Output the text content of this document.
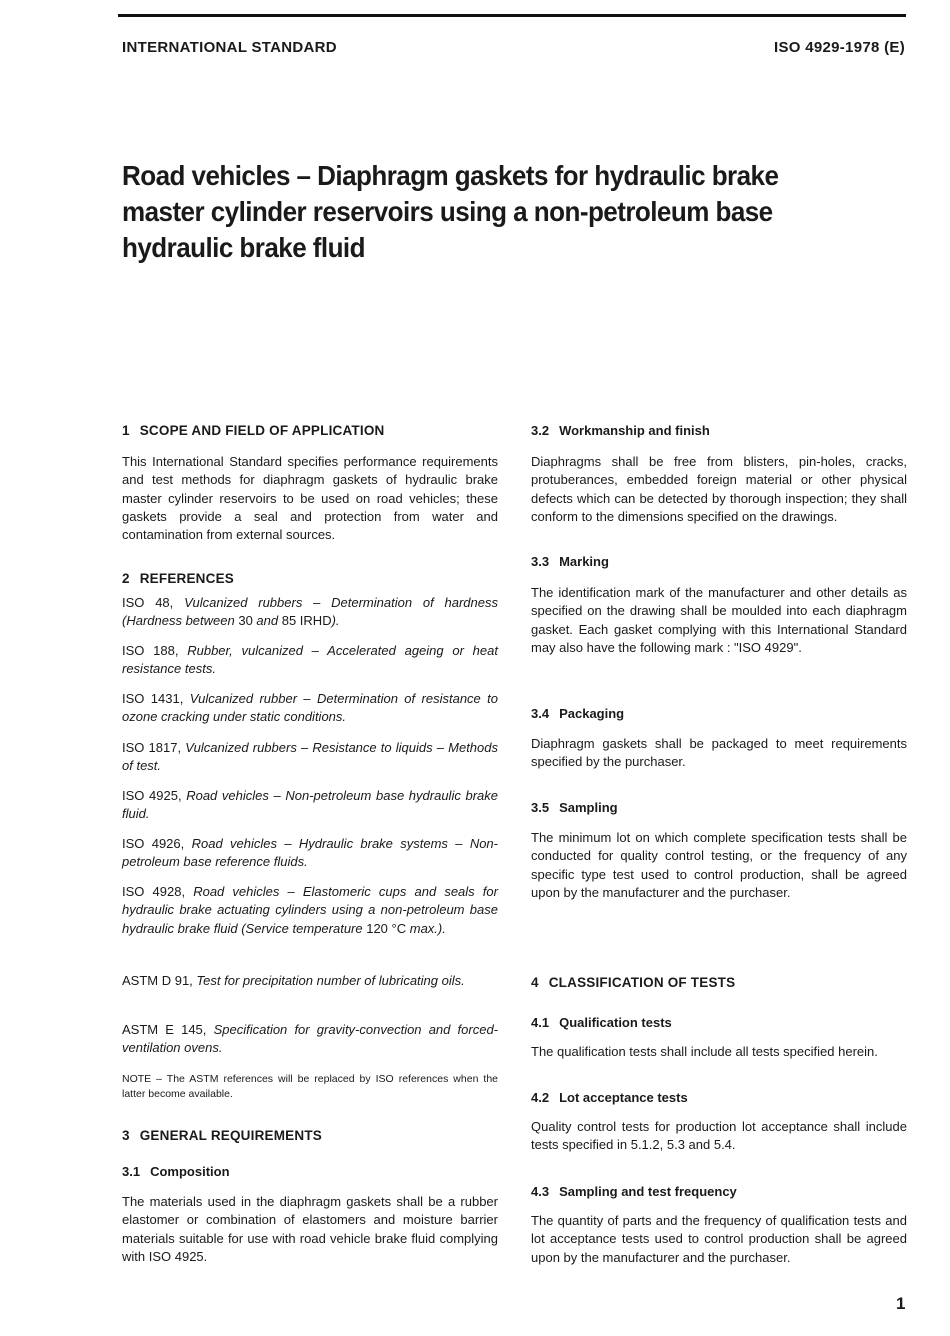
INTERNATIONAL STANDARD	ISO 4929-1978 (E)
Road vehicles – Diaphragm gaskets for hydraulic brake master cylinder reservoirs using a non-petroleum base hydraulic brake fluid
1 SCOPE AND FIELD OF APPLICATION
This International Standard specifies performance requirements and test methods for diaphragm gaskets of hydraulic brake master cylinder reservoirs to be used on road vehicles; these gaskets provide a seal and protection from water and contamination from external sources.
2 REFERENCES
ISO 48, Vulcanized rubbers – Determination of hardness (Hardness between 30 and 85 IRHD).
ISO 188, Rubber, vulcanized – Accelerated ageing or heat resistance tests.
ISO 1431, Vulcanized rubber – Determination of resistance to ozone cracking under static conditions.
ISO 1817, Vulcanized rubbers – Resistance to liquids – Methods of test.
ISO 4925, Road vehicles – Non-petroleum base hydraulic brake fluid.
ISO 4926, Road vehicles – Hydraulic brake systems – Non-petroleum base reference fluids.
ISO 4928, Road vehicles – Elastomeric cups and seals for hydraulic brake actuating cylinders using a non-petroleum base hydraulic brake fluid (Service temperature 120 °C max.).
ASTM D 91, Test for precipitation number of lubricating oils.
ASTM E 145, Specification for gravity-convection and forced-ventilation ovens.
NOTE – The ASTM references will be replaced by ISO references when the latter become available.
3 GENERAL REQUIREMENTS
3.1 Composition
The materials used in the diaphragm gaskets shall be a rubber elastomer or combination of elastomers and moisture barrier materials suitable for use with road vehicle brake fluid complying with ISO 4925.
3.2 Workmanship and finish
Diaphragms shall be free from blisters, pin-holes, cracks, protuberances, embedded foreign material or other physical defects which can be detected by thorough inspection; they shall conform to the dimensions specified on the drawings.
3.3 Marking
The identification mark of the manufacturer and other details as specified on the drawing shall be moulded into each diaphragm gasket. Each gasket complying with this International Standard may also have the following mark : "ISO 4929".
3.4 Packaging
Diaphragm gaskets shall be packaged to meet requirements specified by the purchaser.
3.5 Sampling
The minimum lot on which complete specification tests shall be conducted for quality control testing, or the frequency of any specific type test used to control production, shall be agreed upon by the manufacturer and the purchaser.
4 CLASSIFICATION OF TESTS
4.1 Qualification tests
The qualification tests shall include all tests specified herein.
4.2 Lot acceptance tests
Quality control tests for production lot acceptance shall include tests specified in 5.1.2, 5.3 and 5.4.
4.3 Sampling and test frequency
The quantity of parts and the frequency of qualification tests and lot acceptance tests used to control production shall be agreed upon by the manufacturer and the purchaser.
1
